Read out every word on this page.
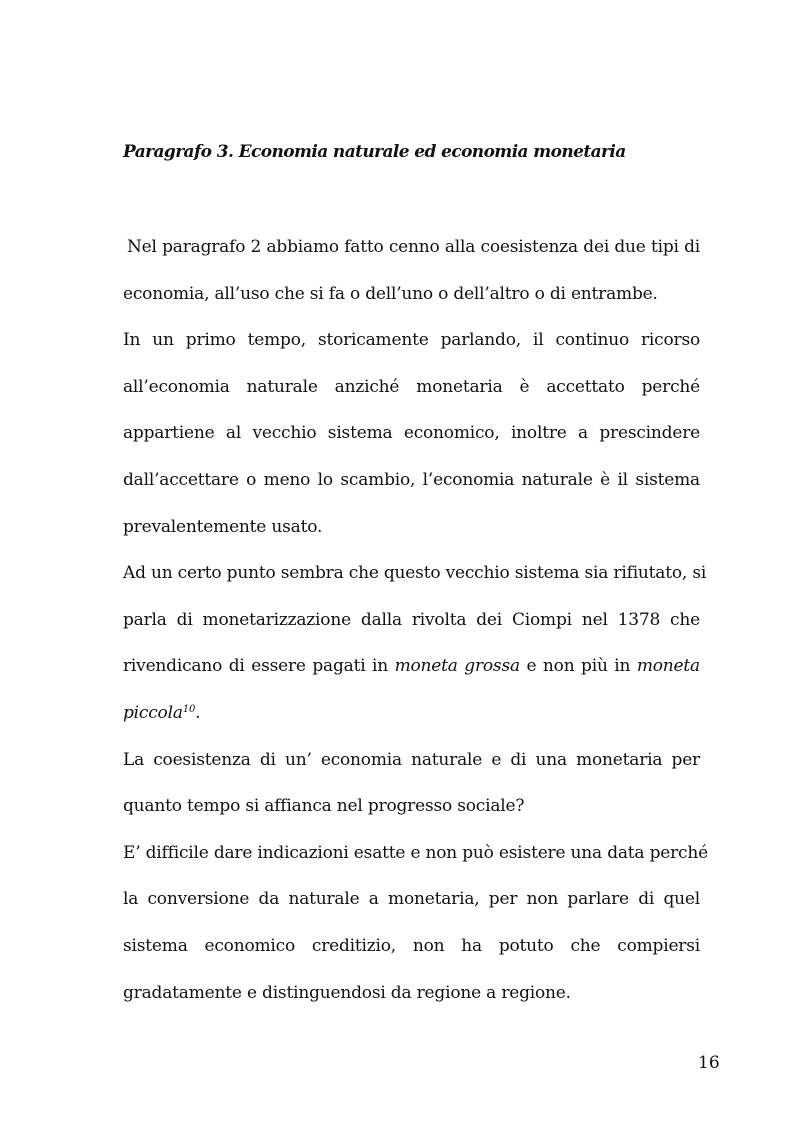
Paragrafo 3. Economia naturale ed economia monetaria
Nel paragrafo 2 abbiamo fatto cenno alla coesistenza dei due tipi di
economia, all’uso che si fa o dell’uno o dell’altro o di entrambe.
In un primo tempo, storicamente parlando, il continuo ricorso
all’economia naturale anziché monetaria è accettato perché
appartiene al vecchio sistema economico, inoltre a prescindere
dall’accettare o meno lo scambio, l’economia naturale è il sistema
prevalentemente usato.
Ad un certo punto sembra che questo vecchio sistema sia rifiutato, si
parla di monetarizzazione dalla rivolta dei Ciompi nel 1378 che
rivendicano di essere pagati in moneta grossa e non più in moneta
piccola$^{10}$.
La coesistenza di un’ economia naturale e di una monetaria per
quanto tempo si affianca nel progresso sociale?
E’ difficile dare indicazioni esatte e non può esistere una data perché
la conversione da naturale a monetaria, per non parlare di quel
sistema economico creditizio, non ha potuto che compiersi
gradatamente e distinguendosi da regione a regione.
16
